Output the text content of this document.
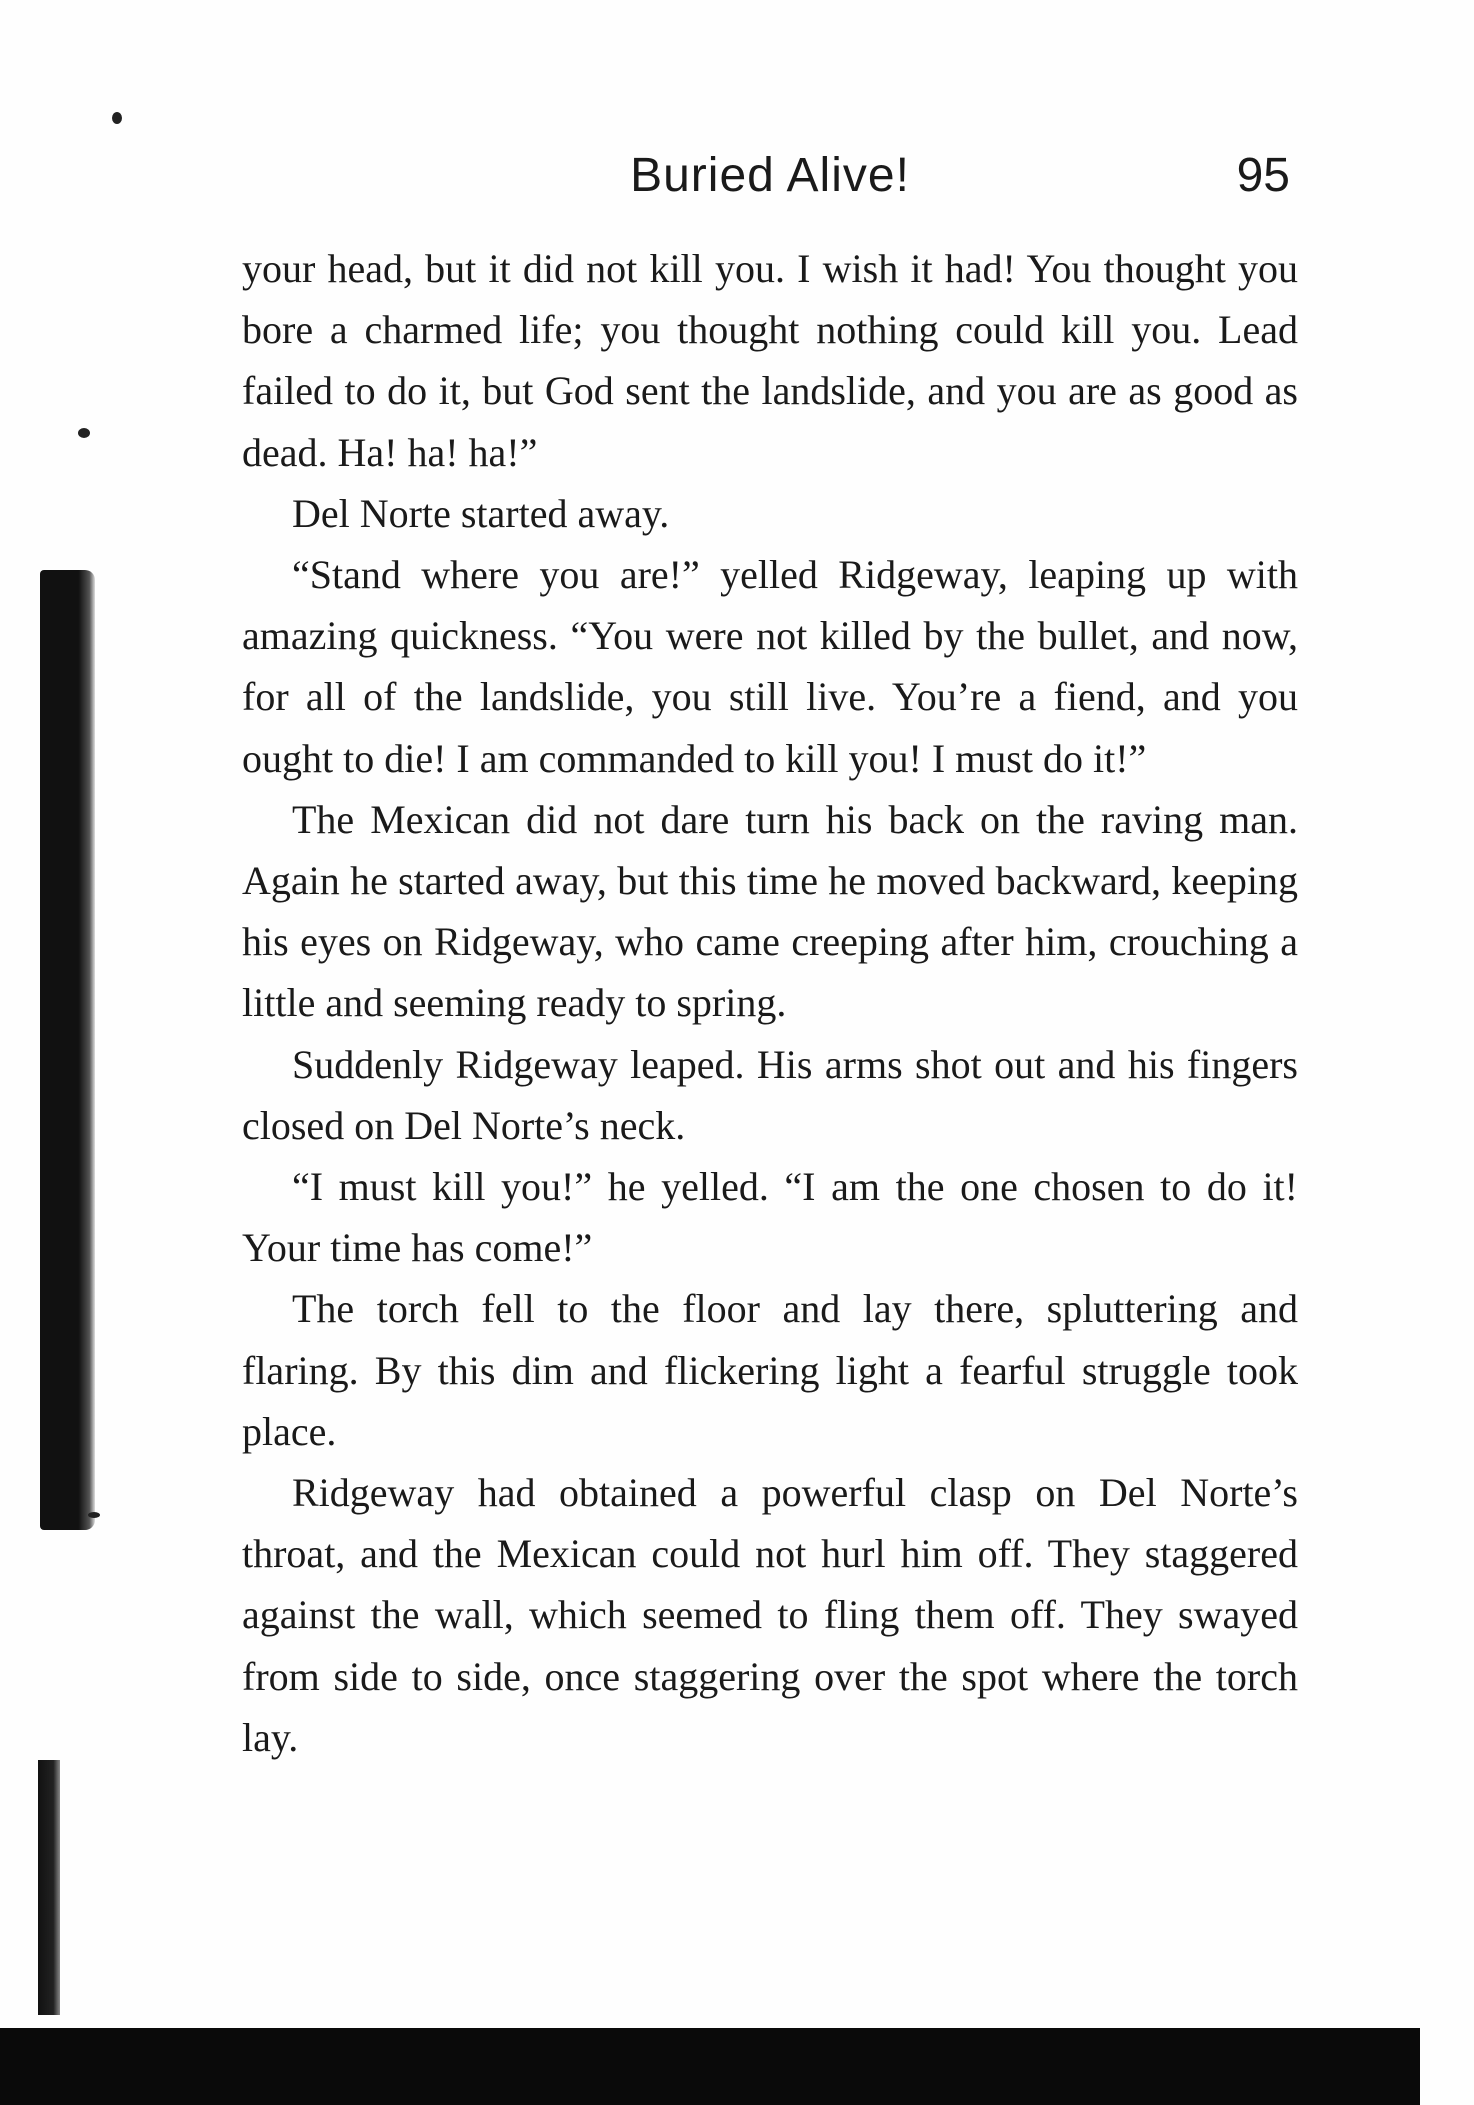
Buried Alive!	95

your head, but it did not kill you. I wish it had! You thought you bore a charmed life; you thought nothing could kill you. Lead failed to do it, but God sent the landslide, and you are as good as dead. Ha! ha! ha!”

Del Norte started away.

“Stand where you are!” yelled Ridgeway, leaping up with amazing quickness. “You were not killed by the bullet, and now, for all of the landslide, you still live. You’re a fiend, and you ought to die! I am commanded to kill you! I must do it!”

The Mexican did not dare turn his back on the raving man. Again he started away, but this time he moved backward, keeping his eyes on Ridgeway, who came creeping after him, crouching a little and seeming ready to spring.

Suddenly Ridgeway leaped. His arms shot out and his fingers closed on Del Norte’s neck.

“I must kill you!” he yelled. “I am the one chosen to do it! Your time has come!”

The torch fell to the floor and lay there, spluttering and flaring. By this dim and flickering light a fearful struggle took place.

Ridgeway had obtained a powerful clasp on Del Norte’s throat, and the Mexican could not hurl him off. They staggered against the wall, which seemed to fling them off. They swayed from side to side, once staggering over the spot where the torch lay.
